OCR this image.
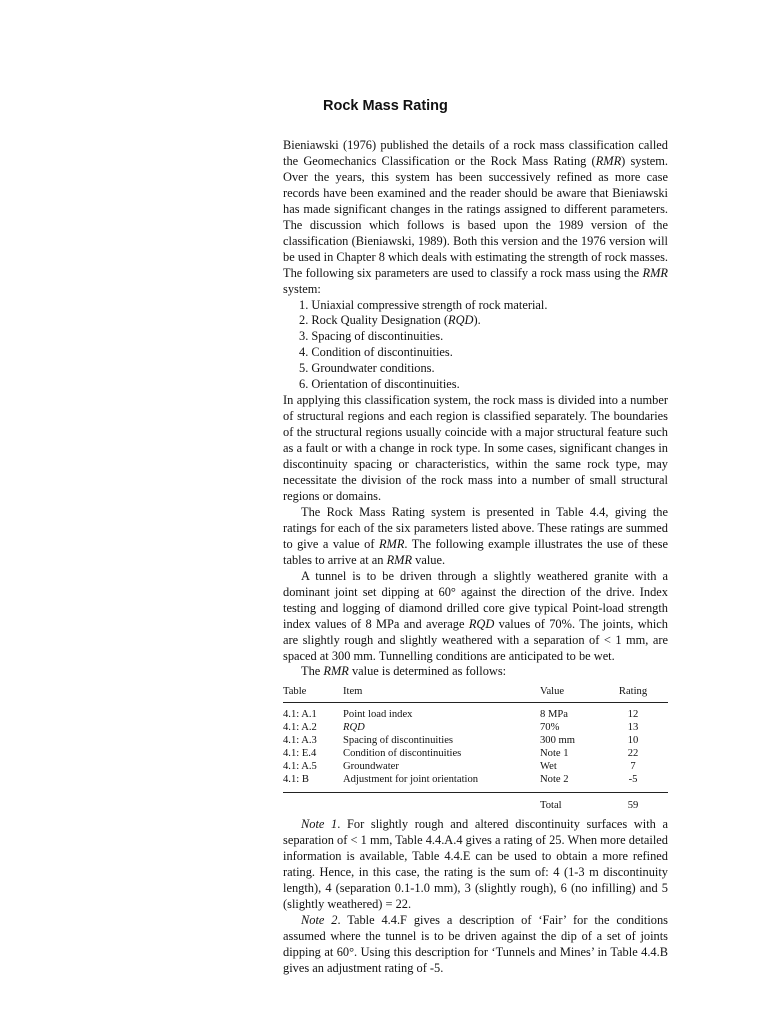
Rock Mass Rating

Bieniawski (1976) published the details of a rock mass classification called the Geomechanics Classification or the Rock Mass Rating (RMR) system. Over the years, this system has been successively refined as more case records have been examined and the reader should be aware that Bieniawski has made significant changes in the ratings assigned to different parameters. The discussion which follows is based upon the 1989 version of the classification (Bieniawski, 1989). Both this version and the 1976 version will be used in Chapter 8 which deals with estimating the strength of rock masses. The following six parameters are used to classify a rock mass using the RMR system:

1. Uniaxial compressive strength of rock material.
2. Rock Quality Designation (RQD).
3. Spacing of discontinuities.
4. Condition of discontinuities.
5. Groundwater conditions.
6. Orientation of discontinuities.

In applying this classification system, the rock mass is divided into a number of structural regions and each region is classified separately. The boundaries of the structural regions usually coincide with a major structural feature such as a fault or with a change in rock type. In some cases, significant changes in discontinuity spacing or characteristics, within the same rock type, may necessitate the division of the rock mass into a number of small structural regions or domains.

The Rock Mass Rating system is presented in Table 4.4, giving the ratings for each of the six parameters listed above. These ratings are summed to give a value of RMR. The following example illustrates the use of these tables to arrive at an RMR value.

A tunnel is to be driven through a slightly weathered granite with a dominant joint set dipping at 60° against the direction of the drive. Index testing and logging of diamond drilled core give typical Point-load strength index values of 8 MPa and average RQD values of 70%. The joints, which are slightly rough and slightly weathered with a separation of < 1 mm, are spaced at 300 mm. Tunnelling conditions are anticipated to be wet.

The RMR value is determined as follows:

Table	Item	Value	Rating
4.1: A.1	Point load index	8 MPa	12
4.1: A.2	RQD	70%	13
4.1: A.3	Spacing of discontinuities	300 mm	10
4.1: E.4	Condition of discontinuities	Note 1	22
4.1: A.5	Groundwater	Wet	7
4.1: B	Adjustment for joint orientation	Note 2	-5
		Total	59

Note 1. For slightly rough and altered discontinuity surfaces with a separation of < 1 mm, Table 4.4.A.4 gives a rating of 25. When more detailed information is available, Table 4.4.E can be used to obtain a more refined rating. Hence, in this case, the rating is the sum of: 4 (1-3 m discontinuity length), 4 (separation 0.1-1.0 mm), 3 (slightly rough), 6 (no infilling) and 5 (slightly weathered) = 22.

Note 2. Table 4.4.F gives a description of ‘Fair’ for the conditions assumed where the tunnel is to be driven against the dip of a set of joints dipping at 60°. Using this description for ‘Tunnels and Mines’ in Table 4.4.B gives an adjustment rating of -5.
